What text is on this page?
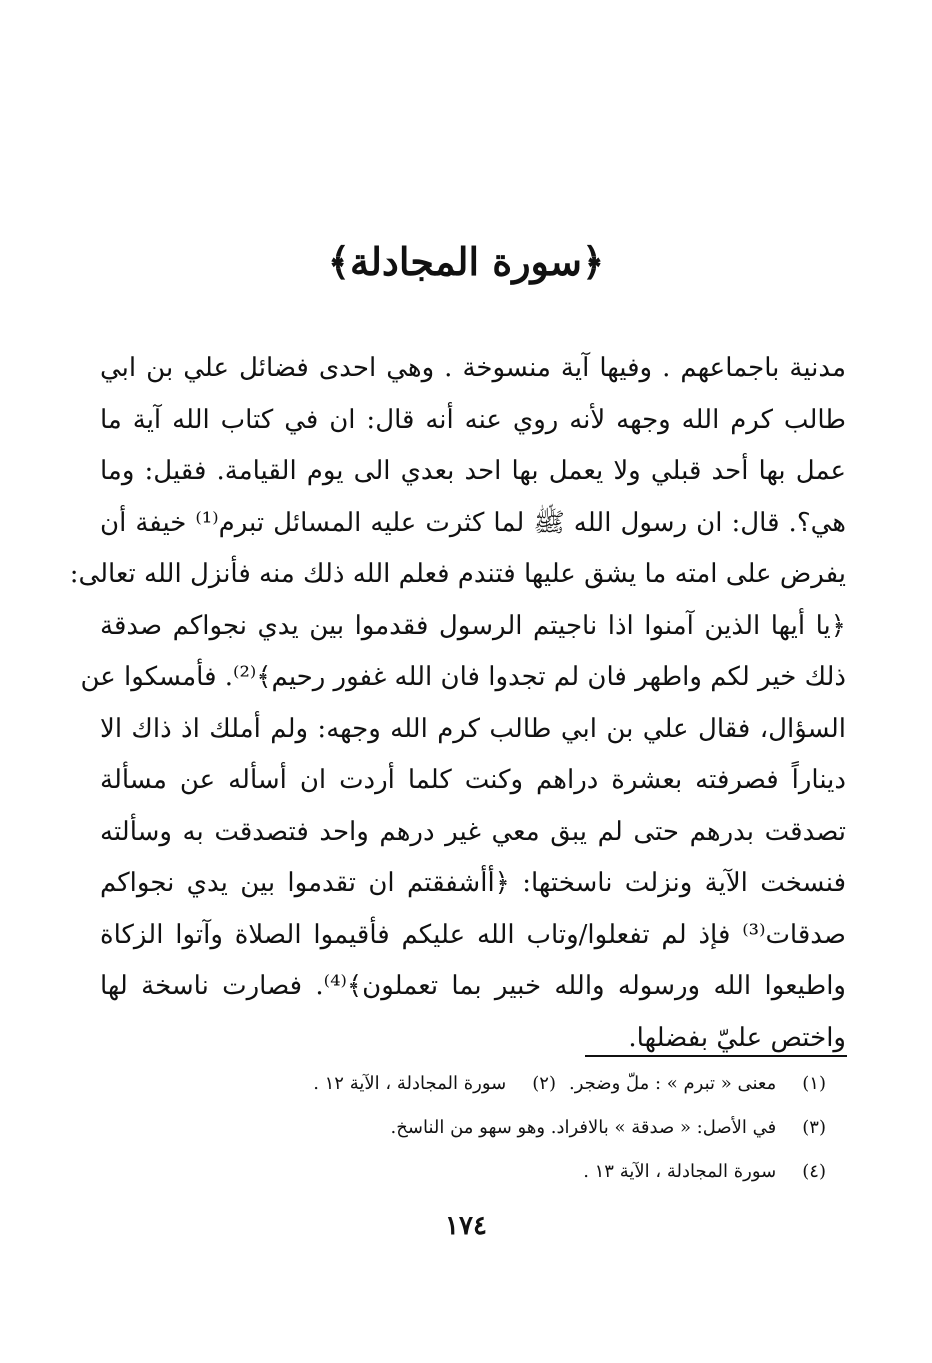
﴿سورة المجادلة﴾
مدنية باجماعهم . وفيها آية منسوخة . وهي احدى فضائل علي بن ابي
طالب كرم الله وجهه لأنه روي عنه أنه قال: ان في كتاب الله آية ما
عمل بها أحد قبلي ولا يعمل بها احد بعدي الى يوم القيامة. فقيل: وما
هي؟. قال: ان رسول الله ﷺ لما كثرت عليه المسائل تبرم⁽¹⁾ خيفة أن
يفرض على امته ما يشق عليها فتندم فعلم الله ذلك منه فأنزل الله تعالى:
﴿يا أيها الذين آمنوا اذا ناجيتم الرسول فقدموا بين يدي نجواكم صدقة
ذلك خير لكم واطهر فان لم تجدوا فان الله غفور رحيم﴾⁽²⁾. فأمسكوا عن
السؤال، فقال علي بن ابي طالب كرم الله وجهه: ولم أملك اذ ذاك الا
ديناراً فصرفته بعشرة دراهم وكنت كلما أردت ان أسأله عن مسألة
تصدقت بدرهم حتى لم يبق معي غير درهم واحد فتصدقت به وسألته
فنسخت الآية ونزلت ناسختها: ﴿أأشفقتم ان تقدموا بين يدي نجواكم
صدقات⁽³⁾ فإذ لم تفعلوا/وتاب الله عليكم فأقيموا الصلاة وآتوا الزكاة
واطيعوا الله ورسوله والله خبير بما تعملون﴾⁽⁴⁾. فصارت ناسخة لها
واختص عليّ بفضلها.
(١) معنى « تبرم » : ملّ وضجر.
(٢) سورة المجادلة ، الآية ١٢ .
(٣) في الأصل: « صدقة » بالافراد. وهو سهو من الناسخ.
(٤) سورة المجادلة ، الآية ١٣ .
١٧٤
